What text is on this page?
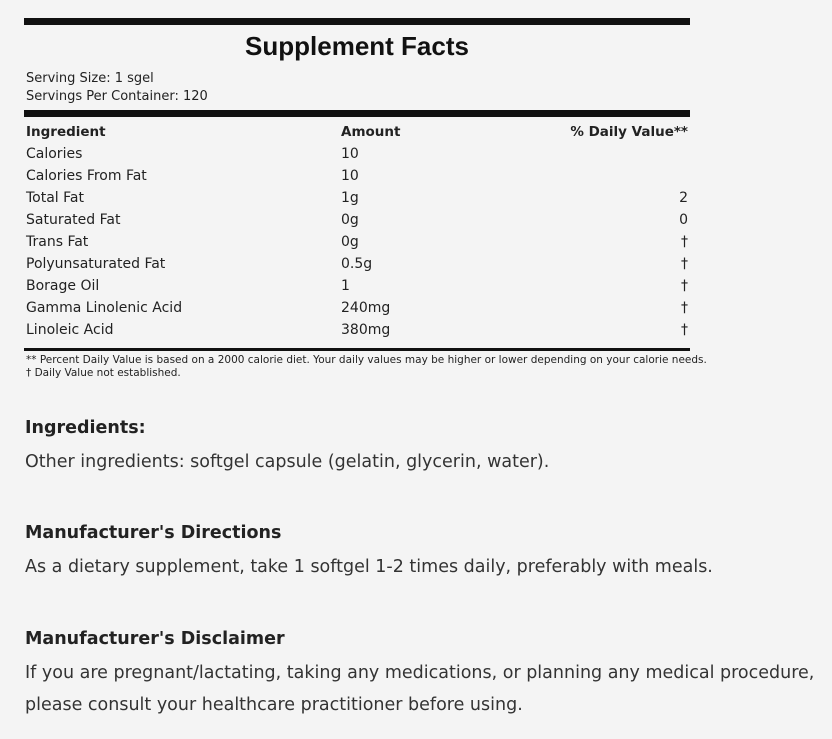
Supplement Facts
Serving Size: 1 sgel
Servings Per Container: 120
Ingredient	Amount	% Daily Value**
Calories	10
Calories From Fat	10
Total Fat	1g	2
Saturated Fat	0g	0
Trans Fat	0g	†
Polyunsaturated Fat	0.5g	†
Borage Oil	1	†
Gamma Linolenic Acid	240mg	†
Linoleic Acid	380mg	†
** Percent Daily Value is based on a 2000 calorie diet. Your daily values may be higher or lower depending on your calorie needs.
† Daily Value not established.
Ingredients:

Other ingredients: softgel capsule (gelatin, glycerin, water).

Manufacturer's Directions

As a dietary supplement, take 1 softgel 1-2 times daily, preferably with meals.

Manufacturer's Disclaimer

If you are pregnant/lactating, taking any medications, or planning any medical procedure, please consult your healthcare practitioner before using.
